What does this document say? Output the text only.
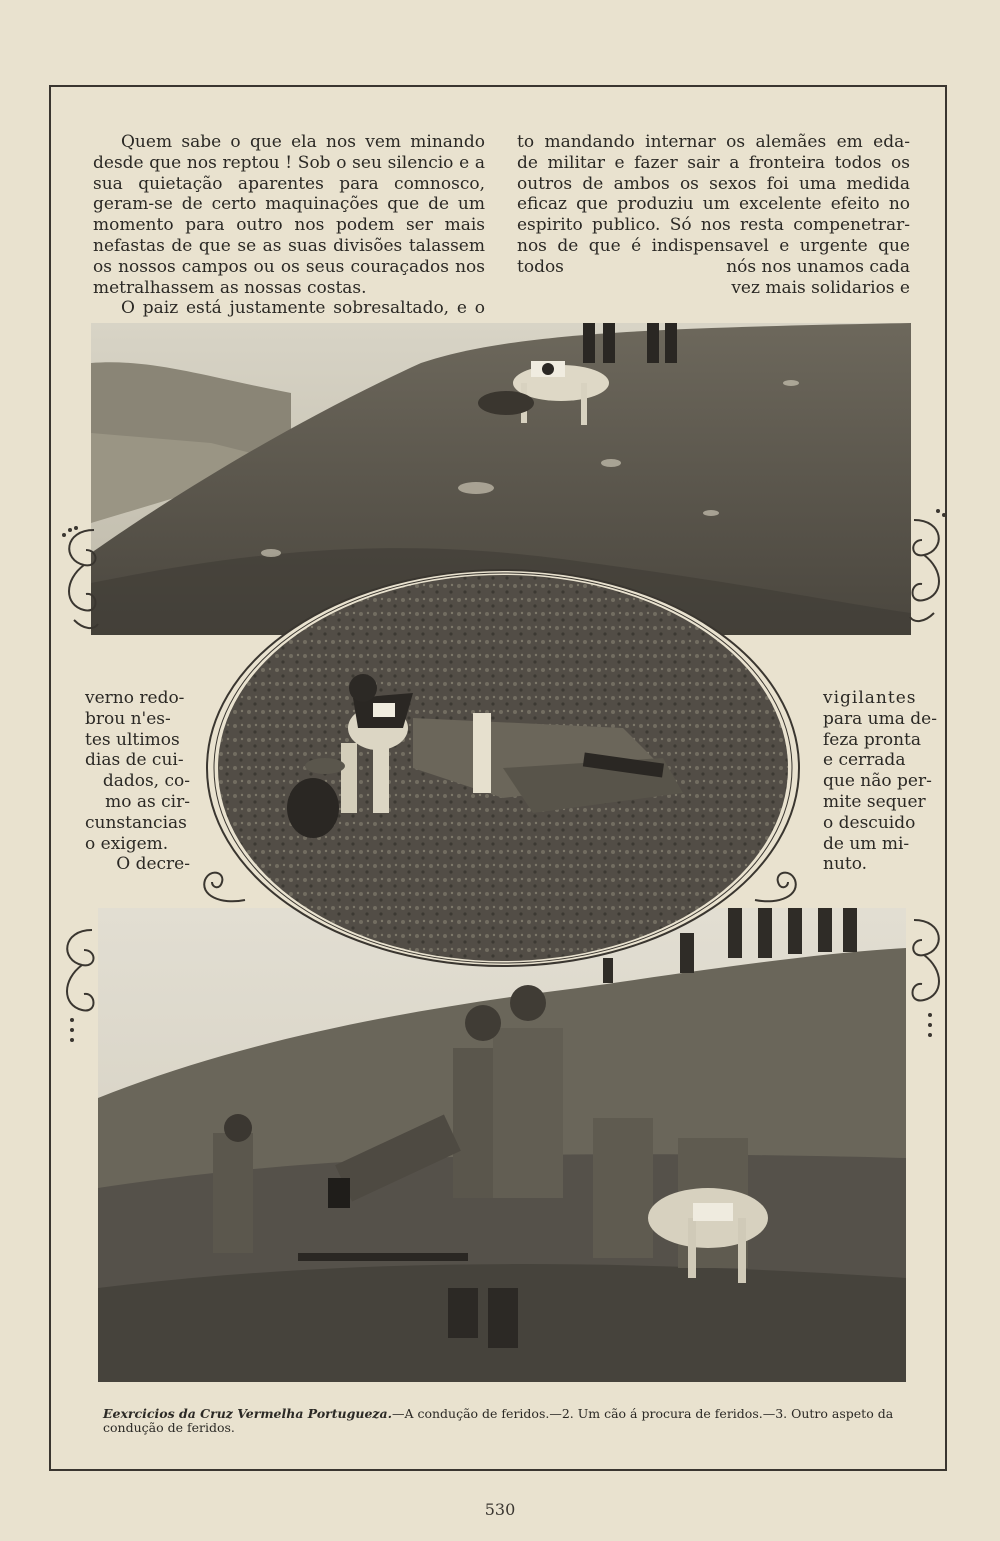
Quem sabe o que ela nos vem minando desde que nos reptou ! Sob o seu silencio e a sua quietação aparentes para comnosco, geram-se de certo maquinações que de um momento para outro nos podem ser mais nefastas de que se as suas divisões talassem os nossos campos ou os seus couraçados nos metralhassem as nossas costas.

O paiz está justamente sobresaltado, e o

to mandando internar os alemães em eda-
de militar e fazer sair a fronteira todos os
outros de ambos os sexos foi uma medida
eficaz que produziu um excelente efeito no
espirito publico. Só nos resta compenetrar-
nos de que é indispensavel e urgente que todos	nós nos unamos cada
vez mais solidarios e
verno redo-
brou n'es-
tes ultimos
dias de cui-
dados, co-
mo as cir-
cunstancias
o exigem.
O decre-
vigilantes
para uma de-
feza pronta
e cerrada
que não per-
mite sequer
o descuido
de um mi-
nuto.
Eexrcicios da Cruz Vermelha Portugueza.—A condução de feridos.—2. Um cão á procura de feridos.—3. Outro aspeto da condução de feridos.
530
